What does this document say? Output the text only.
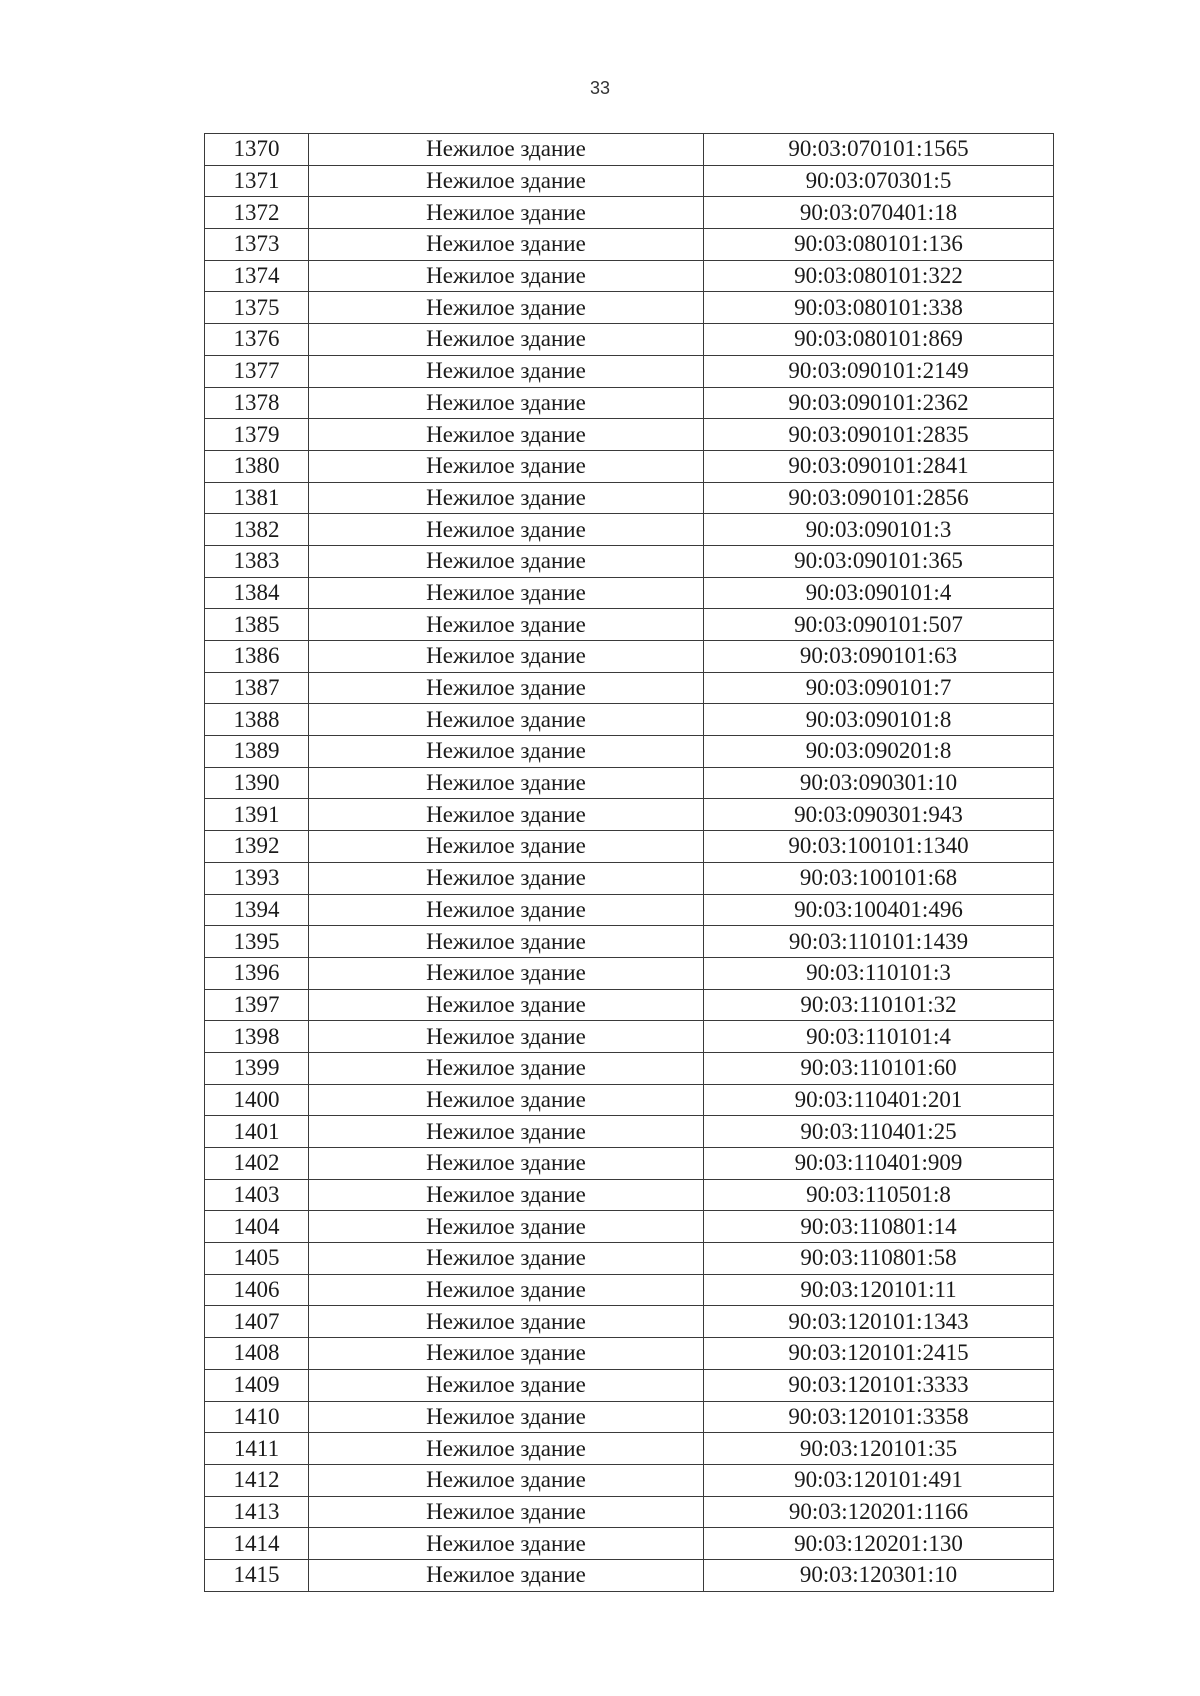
33
1370	Нежилое здание	90:03:070101:1565
1371	Нежилое здание	90:03:070301:5
1372	Нежилое здание	90:03:070401:18
1373	Нежилое здание	90:03:080101:136
1374	Нежилое здание	90:03:080101:322
1375	Нежилое здание	90:03:080101:338
1376	Нежилое здание	90:03:080101:869
1377	Нежилое здание	90:03:090101:2149
1378	Нежилое здание	90:03:090101:2362
1379	Нежилое здание	90:03:090101:2835
1380	Нежилое здание	90:03:090101:2841
1381	Нежилое здание	90:03:090101:2856
1382	Нежилое здание	90:03:090101:3
1383	Нежилое здание	90:03:090101:365
1384	Нежилое здание	90:03:090101:4
1385	Нежилое здание	90:03:090101:507
1386	Нежилое здание	90:03:090101:63
1387	Нежилое здание	90:03:090101:7
1388	Нежилое здание	90:03:090101:8
1389	Нежилое здание	90:03:090201:8
1390	Нежилое здание	90:03:090301:10
1391	Нежилое здание	90:03:090301:943
1392	Нежилое здание	90:03:100101:1340
1393	Нежилое здание	90:03:100101:68
1394	Нежилое здание	90:03:100401:496
1395	Нежилое здание	90:03:110101:1439
1396	Нежилое здание	90:03:110101:3
1397	Нежилое здание	90:03:110101:32
1398	Нежилое здание	90:03:110101:4
1399	Нежилое здание	90:03:110101:60
1400	Нежилое здание	90:03:110401:201
1401	Нежилое здание	90:03:110401:25
1402	Нежилое здание	90:03:110401:909
1403	Нежилое здание	90:03:110501:8
1404	Нежилое здание	90:03:110801:14
1405	Нежилое здание	90:03:110801:58
1406	Нежилое здание	90:03:120101:11
1407	Нежилое здание	90:03:120101:1343
1408	Нежилое здание	90:03:120101:2415
1409	Нежилое здание	90:03:120101:3333
1410	Нежилое здание	90:03:120101:3358
1411	Нежилое здание	90:03:120101:35
1412	Нежилое здание	90:03:120101:491
1413	Нежилое здание	90:03:120201:1166
1414	Нежилое здание	90:03:120201:130
1415	Нежилое здание	90:03:120301:10
